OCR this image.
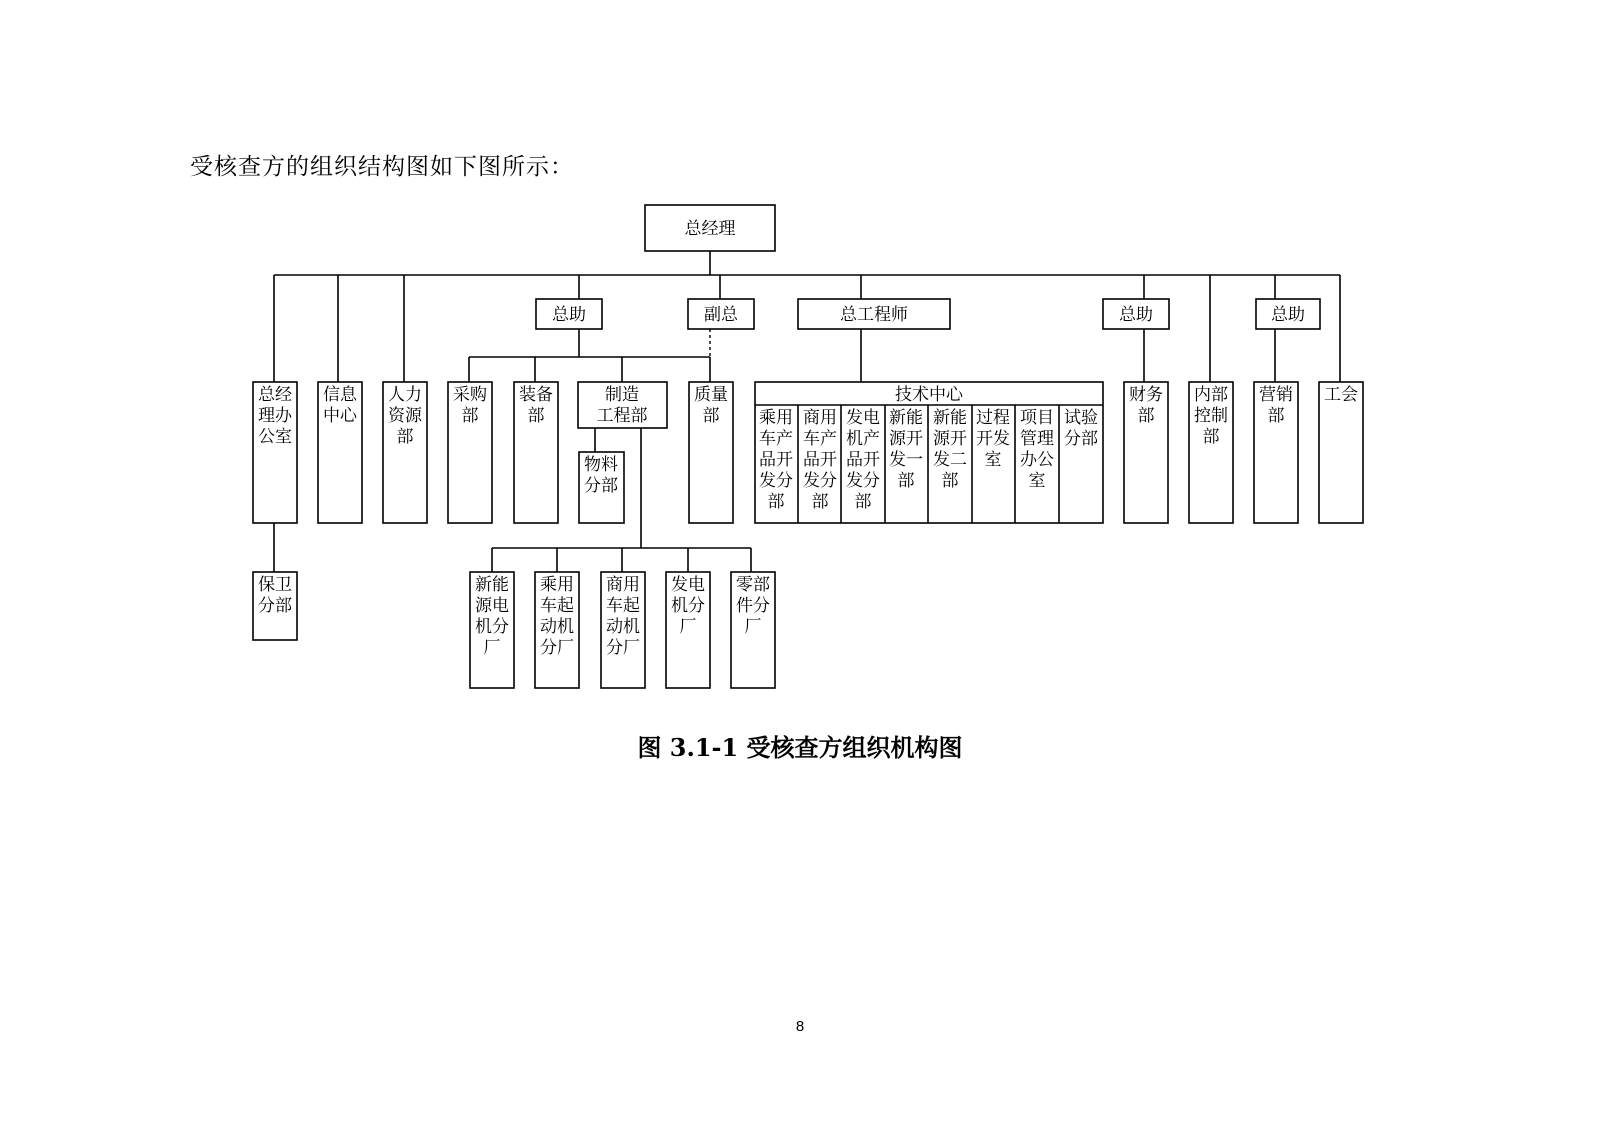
受核查方的组织结构图如下图所示：
总经理
总助	副总	总工程师	总助	总助
总经理办公室
信息中心
人力资源部
采购部
装备部
制造工程部
质量部
技术中心
乘用车产品开发分部
商用车产品开发分部
发电机产品开发分部
新能源开发一部
新能源开发二部
过程开发室
项目管理办公室
试验分部
财务部
内部控制部
营销部
工会
物料分部
保卫分部
新能源电机分厂
乘用车起动机分厂
商用车起动机分厂
发电机分厂
零部件分厂
图 3.1-1 受核查方组织机构图
8
